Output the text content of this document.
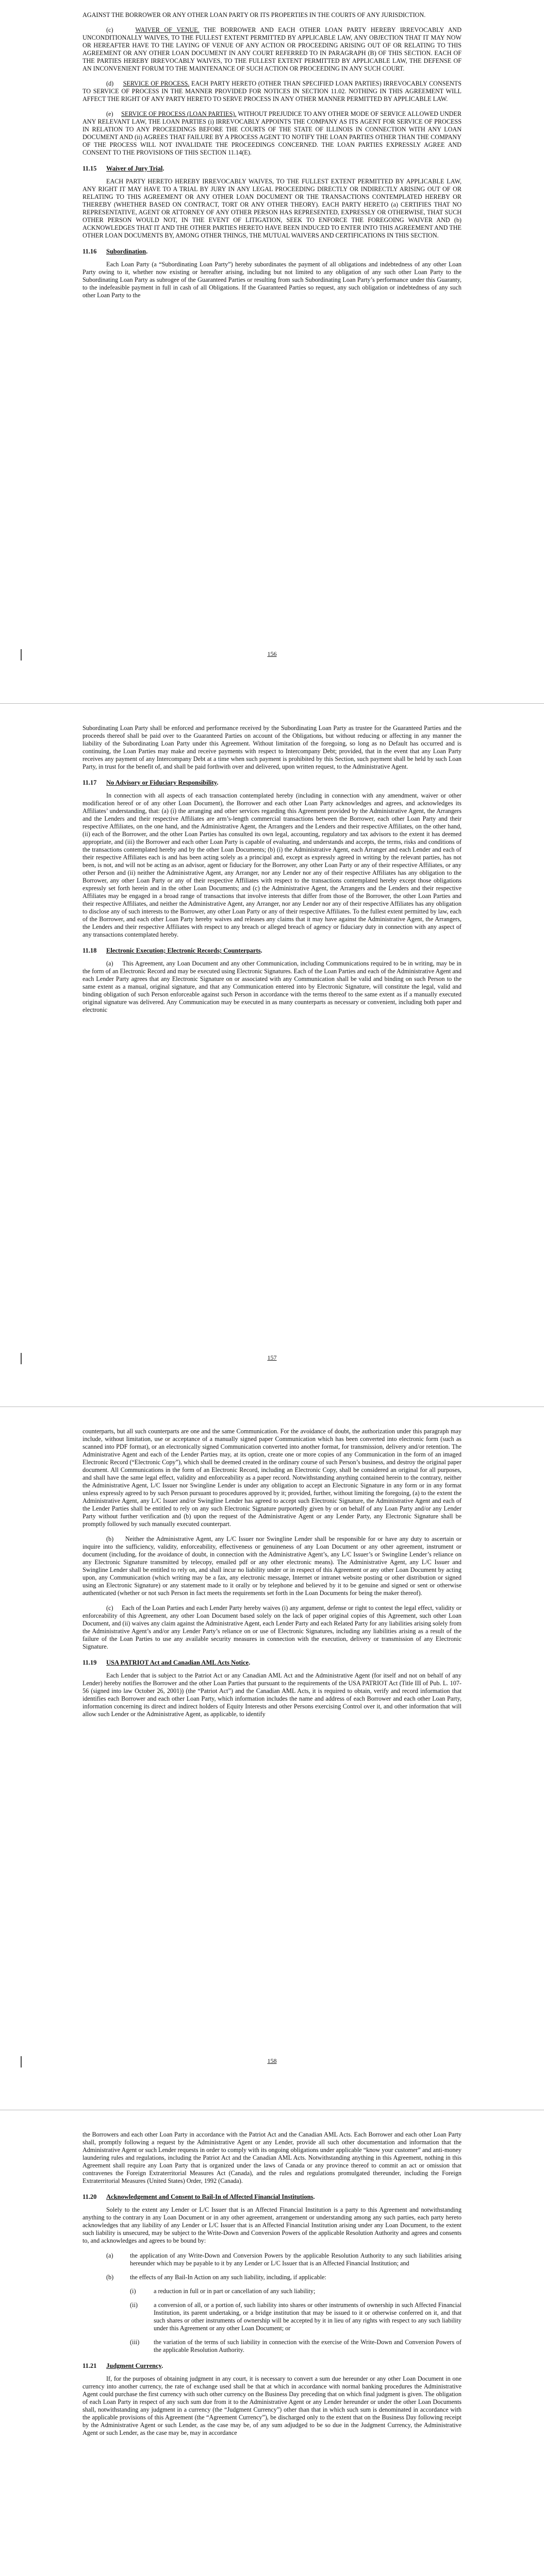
AGAINST THE BORROWER OR ANY OTHER LOAN PARTY OR ITS PROPERTIES IN THE COURTS OF ANY JURISDICTION.

(c)	WAIVER OF VENUE. THE BORROWER AND EACH OTHER LOAN PARTY HEREBY IRREVOCABLY AND UNCONDITIONALLY WAIVES, TO THE FULLEST EXTENT PERMITTED BY APPLICABLE LAW, ANY OBJECTION THAT IT MAY NOW OR HEREAFTER HAVE TO THE LAYING OF VENUE OF ANY ACTION OR PROCEEDING ARISING OUT OF OR RELATING TO THIS AGREEMENT OR ANY OTHER LOAN DOCUMENT IN ANY COURT REFERRED TO IN PARAGRAPH (B) OF THIS SECTION. EACH OF THE PARTIES HEREBY IRREVOCABLY WAIVES, TO THE FULLEST EXTENT PERMITTED BY APPLICABLE LAW, THE DEFENSE OF AN INCONVENIENT FORUM TO THE MAINTENANCE OF SUCH ACTION OR PROCEEDING IN ANY SUCH COURT.

(d) SERVICE OF PROCESS. EACH PARTY HERETO (OTHER THAN SPECIFIED LOAN PARTIES) IRREVOCABLY CONSENTS TO SERVICE OF PROCESS IN THE MANNER PROVIDED FOR NOTICES IN SECTION 11.02. NOTHING IN THIS AGREEMENT WILL AFFECT THE RIGHT OF ANY PARTY HERETO TO SERVE PROCESS IN ANY OTHER MANNER PERMITTED BY APPLICABLE LAW.

(e) SERVICE OF PROCESS (LOAN PARTIES). WITHOUT PREJUDICE TO ANY OTHER MODE OF SERVICE ALLOWED UNDER ANY RELEVANT LAW, THE LOAN PARTIES (i) IRREVOCABLY APPOINTS THE COMPANY AS ITS AGENT FOR SERVICE OF PROCESS IN RELATION TO ANY PROCEEDINGS BEFORE THE COURTS OF THE STATE OF ILLINOIS IN CONNECTION WITH ANY LOAN DOCUMENT AND (ii) AGREES THAT FAILURE BY A PROCESS AGENT TO NOTIFY THE LOAN PARTIES OTHER THAN THE COMPANY OF THE PROCESS WILL NOT INVALIDATE THE PROCEEDINGS CONCERNED. THE LOAN PARTIES EXPRESSLY AGREE AND CONSENT TO THE PROVISIONS OF THIS SECTION 11.14(E).

11.15 Waiver of Jury Trial.

EACH PARTY HERETO HEREBY IRREVOCABLY WAIVES, TO THE FULLEST EXTENT PERMITTED BY APPLICABLE LAW, ANY RIGHT IT MAY HAVE TO A TRIAL BY JURY IN ANY LEGAL PROCEEDING DIRECTLY OR INDIRECTLY ARISING OUT OF OR RELATING TO THIS AGREEMENT OR ANY OTHER LOAN DOCUMENT OR THE TRANSACTIONS CONTEMPLATED HEREBY OR THEREBY (WHETHER BASED ON CONTRACT, TORT OR ANY OTHER THEORY). EACH PARTY HERETO (a) CERTIFIES THAT NO REPRESENTATIVE, AGENT OR ATTORNEY OF ANY OTHER PERSON HAS REPRESENTED, EXPRESSLY OR OTHERWISE, THAT SUCH OTHER PERSON WOULD NOT, IN THE EVENT OF LITIGATION, SEEK TO ENFORCE THE FOREGOING WAIVER AND (b) ACKNOWLEDGES THAT IT AND THE OTHER PARTIES HERETO HAVE BEEN INDUCED TO ENTER INTO THIS AGREEMENT AND THE OTHER LOAN DOCUMENTS BY, AMONG OTHER THINGS, THE MUTUAL WAIVERS AND CERTIFICATIONS IN THIS SECTION.

11.16 Subordination.

Each Loan Party (a “Subordinating Loan Party”) hereby subordinates the payment of all obligations and indebtedness of any other Loan Party owing to it, whether now existing or hereafter arising, including but not limited to any obligation of any such other Loan Party to the Subordinating Loan Party as subrogee of the Guaranteed Parties or resulting from such Subordinating Loan Party’s performance under this Guaranty, to the indefeasible payment in full in cash of all Obligations. If the Guaranteed Parties so request, any such obligation or indebtedness of any such other Loan Party to the

156

Subordinating Loan Party shall be enforced and performance received by the Subordinating Loan Party as trustee for the Guaranteed Parties and the proceeds thereof shall be paid over to the Guaranteed Parties on account of the Obligations, but without reducing or affecting in any manner the liability of the Subordinating Loan Party under this Agreement. Without limitation of the foregoing, so long as no Default has occurred and is continuing, the Loan Parties may make and receive payments with respect to Intercompany Debt; provided, that in the event that any Loan Party receives any payment of any Intercompany Debt at a time when such payment is prohibited by this Section, such payment shall be held by such Loan Party, in trust for the benefit of, and shall be paid forthwith over and delivered, upon written request, to the Administrative Agent.

11.17 No Advisory or Fiduciary Responsibility.

In connection with all aspects of each transaction contemplated hereby (including in connection with any amendment, waiver or other modification hereof or of any other Loan Document), the Borrower and each other Loan Party acknowledges and agrees, and acknowledges its Affiliates’ understanding, that: (a) (i) the arranging and other services regarding this Agreement provided by the Administrative Agent, the Arrangers and the Lenders and their respective Affiliates are arm’s-length commercial transactions between the Borrower, each other Loan Party and their respective Affiliates, on the one hand, and the Administrative Agent, the Arrangers and the Lenders and their respective Affiliates, on the other hand, (ii) each of the Borrower, and the other Loan Parties has consulted its own legal, accounting, regulatory and tax advisors to the extent it has deemed appropriate, and (iii) the Borrower and each other Loan Party is capable of evaluating, and understands and accepts, the terms, risks and conditions of the transactions contemplated hereby and by the other Loan Documents; (b) (i) the Administrative Agent, each Arranger and each Lender and each of their respective Affiliates each is and has been acting solely as a principal and, except as expressly agreed in writing by the relevant parties, has not been, is not, and will not be acting as an advisor, agent or fiduciary for the Borrower, any other Loan Party or any of their respective Affiliates, or any other Person and (ii) neither the Administrative Agent, any Arranger, nor any Lender nor any of their respective Affiliates has any obligation to the Borrower, any other Loan Party or any of their respective Affiliates with respect to the transactions contemplated hereby except those obligations expressly set forth herein and in the other Loan Documents; and (c) the Administrative Agent, the Arrangers and the Lenders and their respective Affiliates may be engaged in a broad range of transactions that involve interests that differ from those of the Borrower, the other Loan Parties and their respective Affiliates, and neither the Administrative Agent, any Arranger, nor any Lender nor any of their respective Affiliates has any obligation to disclose any of such interests to the Borrower, any other Loan Party or any of their respective Affiliates. To the fullest extent permitted by law, each of the Borrower, and each other Loan Party hereby waives and releases any claims that it may have against the Administrative Agent, the Arrangers, the Lenders and their respective Affiliates with respect to any breach or alleged breach of agency or fiduciary duty in connection with any aspect of any transactions contemplated hereby.

11.18 Electronic Execution; Electronic Records; Counterparts.

(a) This Agreement, any Loan Document and any other Communication, including Communications required to be in writing, may be in the form of an Electronic Record and may be executed using Electronic Signatures. Each of the Loan Parties and each of the Administrative Agent and each Lender Party agrees that any Electronic Signature on or associated with any Communication shall be valid and binding on such Person to the same extent as a manual, original signature, and that any Communication entered into by Electronic Signature, will constitute the legal, valid and binding obligation of such Person enforceable against such Person in accordance with the terms thereof to the same extent as if a manually executed original signature was delivered. Any Communication may be executed in as many counterparts as necessary or convenient, including both paper and electronic

157

counterparts, but all such counterparts are one and the same Communication. For the avoidance of doubt, the authorization under this paragraph may include, without limitation, use or acceptance of a manually signed paper Communication which has been converted into electronic form (such as scanned into PDF format), or an electronically signed Communication converted into another format, for transmission, delivery and/or retention. The Administrative Agent and each of the Lender Parties may, at its option, create one or more copies of any Communication in the form of an imaged Electronic Record (“Electronic Copy”), which shall be deemed created in the ordinary course of such Person’s business, and destroy the original paper document. All Communications in the form of an Electronic Record, including an Electronic Copy, shall be considered an original for all purposes, and shall have the same legal effect, validity and enforceability as a paper record. Notwithstanding anything contained herein to the contrary, neither the Administrative Agent, L/C Issuer nor Swingline Lender is under any obligation to accept an Electronic Signature in any form or in any format unless expressly agreed to by such Person pursuant to procedures approved by it; provided, further, without limiting the foregoing, (a) to the extent the Administrative Agent, any L/C Issuer and/or Swingline Lender has agreed to accept such Electronic Signature, the Administrative Agent and each of the Lender Parties shall be entitled to rely on any such Electronic Signature purportedly given by or on behalf of any Loan Party and/or any Lender Party without further verification and (b) upon the request of the Administrative Agent or any Lender Party, any Electronic Signature shall be promptly followed by such manually executed counterpart.

(b) Neither the Administrative Agent, any L/C Issuer nor Swingline Lender shall be responsible for or have any duty to ascertain or inquire into the sufficiency, validity, enforceability, effectiveness or genuineness of any Loan Document or any other agreement, instrument or document (including, for the avoidance of doubt, in connection with the Administrative Agent’s, any L/C Issuer’s or Swingline Lender’s reliance on any Electronic Signature transmitted by telecopy, emailed pdf or any other electronic means). The Administrative Agent, any L/C Issuer and Swingline Lender shall be entitled to rely on, and shall incur no liability under or in respect of this Agreement or any other Loan Document by acting upon, any Communication (which writing may be a fax, any electronic message, Internet or intranet website posting or other distribution or signed using an Electronic Signature) or any statement made to it orally or by telephone and believed by it to be genuine and signed or sent or otherwise authenticated (whether or not such Person in fact meets the requirements set forth in the Loan Documents for being the maker thereof).

(c) Each of the Loan Parties and each Lender Party hereby waives (i) any argument, defense or right to contest the legal effect, validity or enforceability of this Agreement, any other Loan Document based solely on the lack of paper original copies of this Agreement, such other Loan Document, and (ii) waives any claim against the Administrative Agent, each Lender Party and each Related Party for any liabilities arising solely from the Administrative Agent’s and/or any Lender Party’s reliance on or use of Electronic Signatures, including any liabilities arising as a result of the failure of the Loan Parties to use any available security measures in connection with the execution, delivery or transmission of any Electronic Signature.

11.19 USA PATRIOT Act and Canadian AML Acts Notice.

Each Lender that is subject to the Patriot Act or any Canadian AML Act and the Administrative Agent (for itself and not on behalf of any Lender) hereby notifies the Borrower and the other Loan Parties that pursuant to the requirements of the USA PATRIOT Act (Title III of Pub. L. 107-56 (signed into law October 26, 2001)) (the “Patriot Act”) and the Canadian AML Acts, it is required to obtain, verify and record information that identifies each Borrower and each other Loan Party, which information includes the name and address of each Borrower and each other Loan Party, information concerning its direct and indirect holders of Equity Interests and other Persons exercising Control over it, and other information that will allow such Lender or the Administrative Agent, as applicable, to identify

158

the Borrowers and each other Loan Party in accordance with the Patriot Act and the Canadian AML Acts. Each Borrower and each other Loan Party shall, promptly following a request by the Administrative Agent or any Lender, provide all such other documentation and information that the Administrative Agent or such Lender requests in order to comply with its ongoing obligations under applicable “know your customer” and anti-money laundering rules and regulations, including the Patriot Act and the Canadian AML Acts. Notwithstanding anything in this Agreement, nothing in this Agreement shall require any Loan Party that is organized under the laws of Canada or any province thereof to commit an act or omission that contravenes the Foreign Extraterritorial Measures Act (Canada), and the rules and regulations promulgated thereunder, including the Foreign Extraterritorial Measures (United States) Order, 1992 (Canada).

11.20 Acknowledgement and Consent to Bail-In of Affected Financial Institutions.

Solely to the extent any Lender or L/C Issuer that is an Affected Financial Institution is a party to this Agreement and notwithstanding anything to the contrary in any Loan Document or in any other agreement, arrangement or understanding among any such parties, each party hereto acknowledges that any liability of any Lender or L/C Issuer that is an Affected Financial Institution arising under any Loan Document, to the extent such liability is unsecured, may be subject to the Write-Down and Conversion Powers of the applicable Resolution Authority and agrees and consents to, and acknowledges and agrees to be bound by:

(a)	the application of any Write-Down and Conversion Powers by the applicable Resolution Authority to any such liabilities arising hereunder which may be payable to it by any Lender or L/C Issuer that is an Affected Financial Institution; and
(b)	the effects of any Bail-In Action on any such liability, including, if applicable:
(i)	a reduction in full or in part or cancellation of any such liability;
(ii)	a conversion of all, or a portion of, such liability into shares or other instruments of ownership in such Affected Financial Institution, its parent undertaking, or a bridge institution that may be issued to it or otherwise conferred on it, and that such shares or other instruments of ownership will be accepted by it in lieu of any rights with respect to any such liability under this Agreement or any other Loan Document; or
(iii) the variation of the terms of such liability in connection with the exercise of the Write-Down and Conversion Powers of the applicable Resolution Authority.
11.21 Judgment Currency.

If, for the purposes of obtaining judgment in any court, it is necessary to convert a sum due hereunder or any other Loan Document in one currency into another currency, the rate of exchange used shall be that at which in accordance with normal banking procedures the Administrative Agent could purchase the first currency with such other currency on the Business Day preceding that on which final judgment is given. The obligation of each Loan Party in respect of any such sum due from it to the Administrative Agent or any Lender hereunder or under the other Loan Documents shall, notwithstanding any judgment in a currency (the “Judgment Currency”) other than that in which such sum is denominated in accordance with the applicable provisions of this Agreement (the “Agreement Currency”), be discharged only to the extent that on the Business Day following receipt by the Administrative Agent or such Lender, as the case may be, of any sum adjudged to be so due in the Judgment Currency, the Administrative Agent or such Lender, as the case may be, may in accordance
